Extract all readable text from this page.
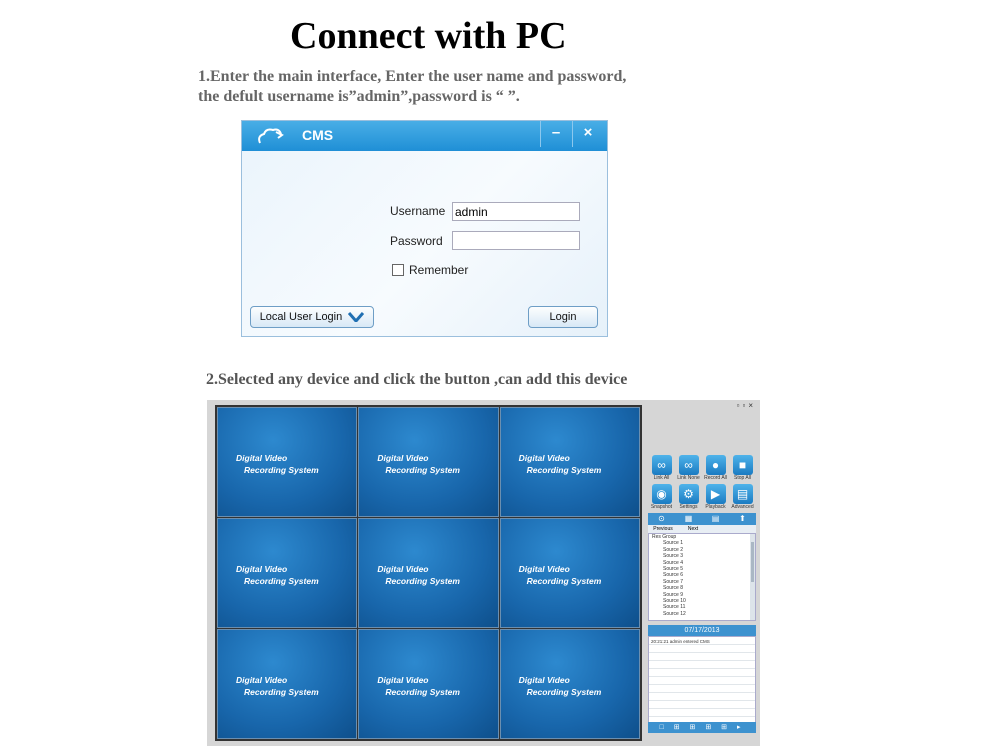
Connect with PC
1.Enter the main interface, Enter the user name and password,
the defult username is”admin”,password is “ ”.
CMS	–	×
Username
admin
Password
Remember
Local User Login	Login
2.Selected any device and click the button ,can add this device
▫▫×
Digital Video
Recording System
Digital Video
Recording System
Digital Video
Recording System
Digital Video
Recording System
Digital Video
Recording System
Digital Video
Recording System
Digital Video
Recording System
Digital Video
Recording System
Digital Video
Recording System
∞
Link All
∞
Link None
●
Record All
■
Stop All
◉
Snapshot
⚙
Settings
▶
Playback
▤
Advanced
⊙	▦	▤	⬆
Previous	Next
Res Group
Source 1
Source 2
Source 3
Source 4
Source 5
Source 6
Source 7
Source 8
Source 9
Source 10
Source 11
Source 12
07/17/2013
20:21:21 admin entered CMS
□ ⊞ ⊞ ⊞ ⊞ ▸
